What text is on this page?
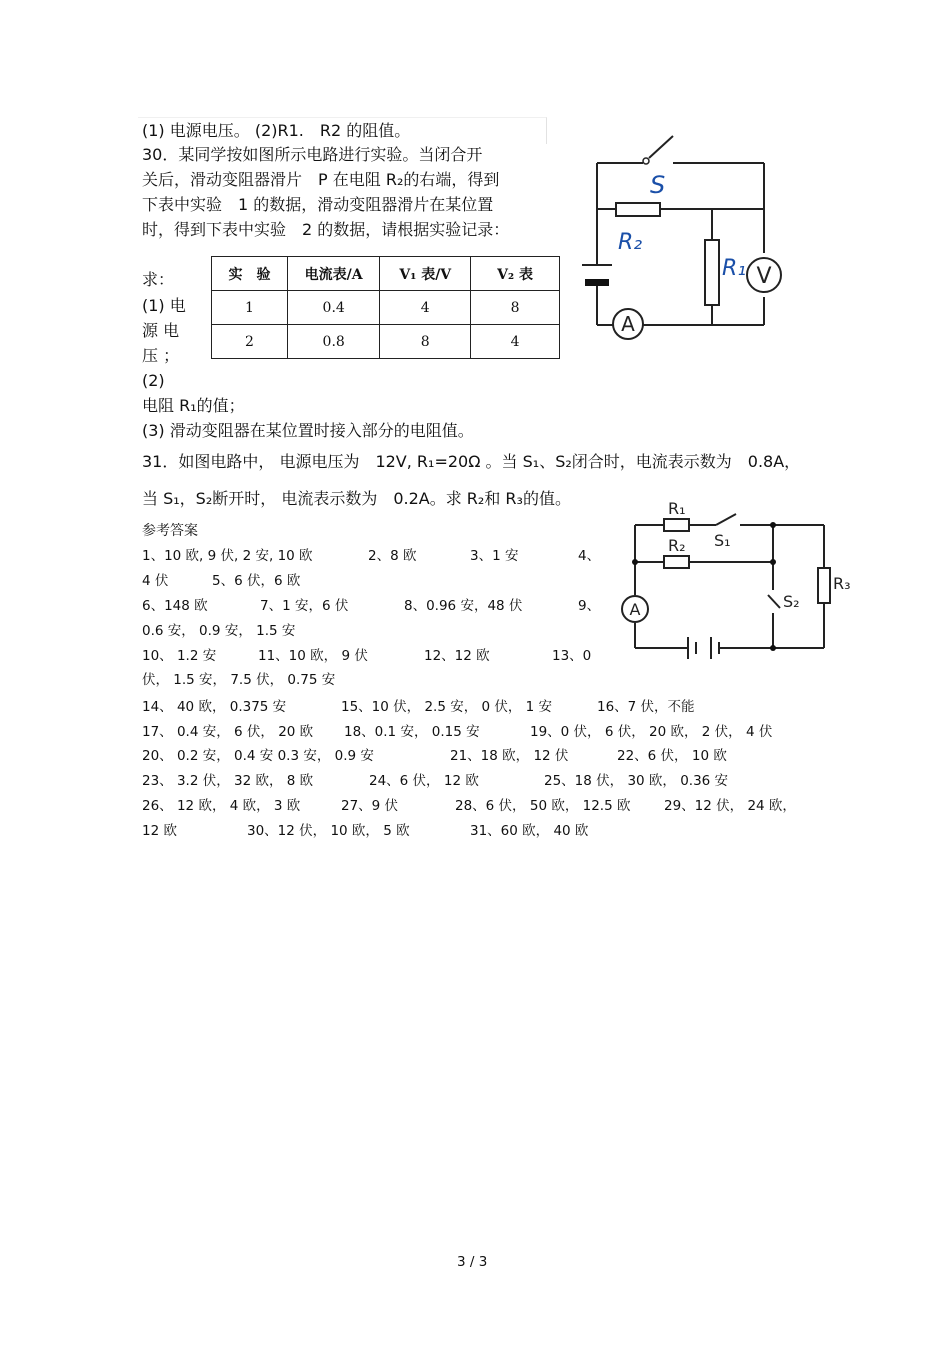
(1) 电源电压。 (2)R1.　R2 的阻值。
30．某同学按如图所示电路进行实验。当闭合开
关后，滑动变阻器滑片　P 在电阻 R₂的右端，得到
下表中实验　1 的数据，滑动变阻器滑片在某位置
时，得到下表中实验　2 的数据，请根据实验记录：
求：
(1) 电
源 电
压 ；
(2)
电阻 R₁的值；
(3) 滑动变阻器在某位置时接入部分的电阻值。
实　验	电流表/A	V₁ 表/V	V₂ 表
1	0.4	4	8
2	0.8	8	4
A
V
S
R₂
R₁
31．如图电路中， 电源电压为　12V, R₁=20Ω 。当 S₁、S₂闭合时，电流表示数为　0.8A，
当 S₁，S₂断开时， 电流表示数为　0.2A。求 R₂和 R₃的值。
A
R₁
R₂
R₃
S₁
S₂
参考答案
1、10 欧, 9 伏, 2 安, 10 欧	2、8 欧	3、1 安	4、
4 伏	5、6 伏，6 欧
6、148 欧	7、1 安，6 伏	8、0.96 安，48 伏	9、
0.6 安， 0.9 安， 1.5 安
10、 1.2 安	11、10 欧， 9 伏	12、12 欧	13、0
伏， 1.5 安， 7.5 伏， 0.75 安
14、 40 欧， 0.375 安	15、10 伏， 2.5 安， 0 伏， 1 安	16、7 伏，不能
17、 0.4 安， 6 伏， 20 欧 18、0.1 安， 0.15 安	19、0 伏， 6 伏， 20 欧， 2 伏， 4 伏
20、 0.2 安， 0.4 安 0.3 安， 0.9 安	21、18 欧， 12 伏	22、6 伏， 10 欧
23、 3.2 伏， 32 欧， 8 欧	24、6 伏， 12 欧	25、18 伏， 30 欧， 0.36 安
26、 12 欧， 4 欧， 3 欧	27、9 伏	28、6 伏， 50 欧， 12.5 欧 29、12 伏， 24 欧，
12 欧	30、12 伏， 10 欧， 5 欧	31、60 欧， 40 欧
3 / 3
